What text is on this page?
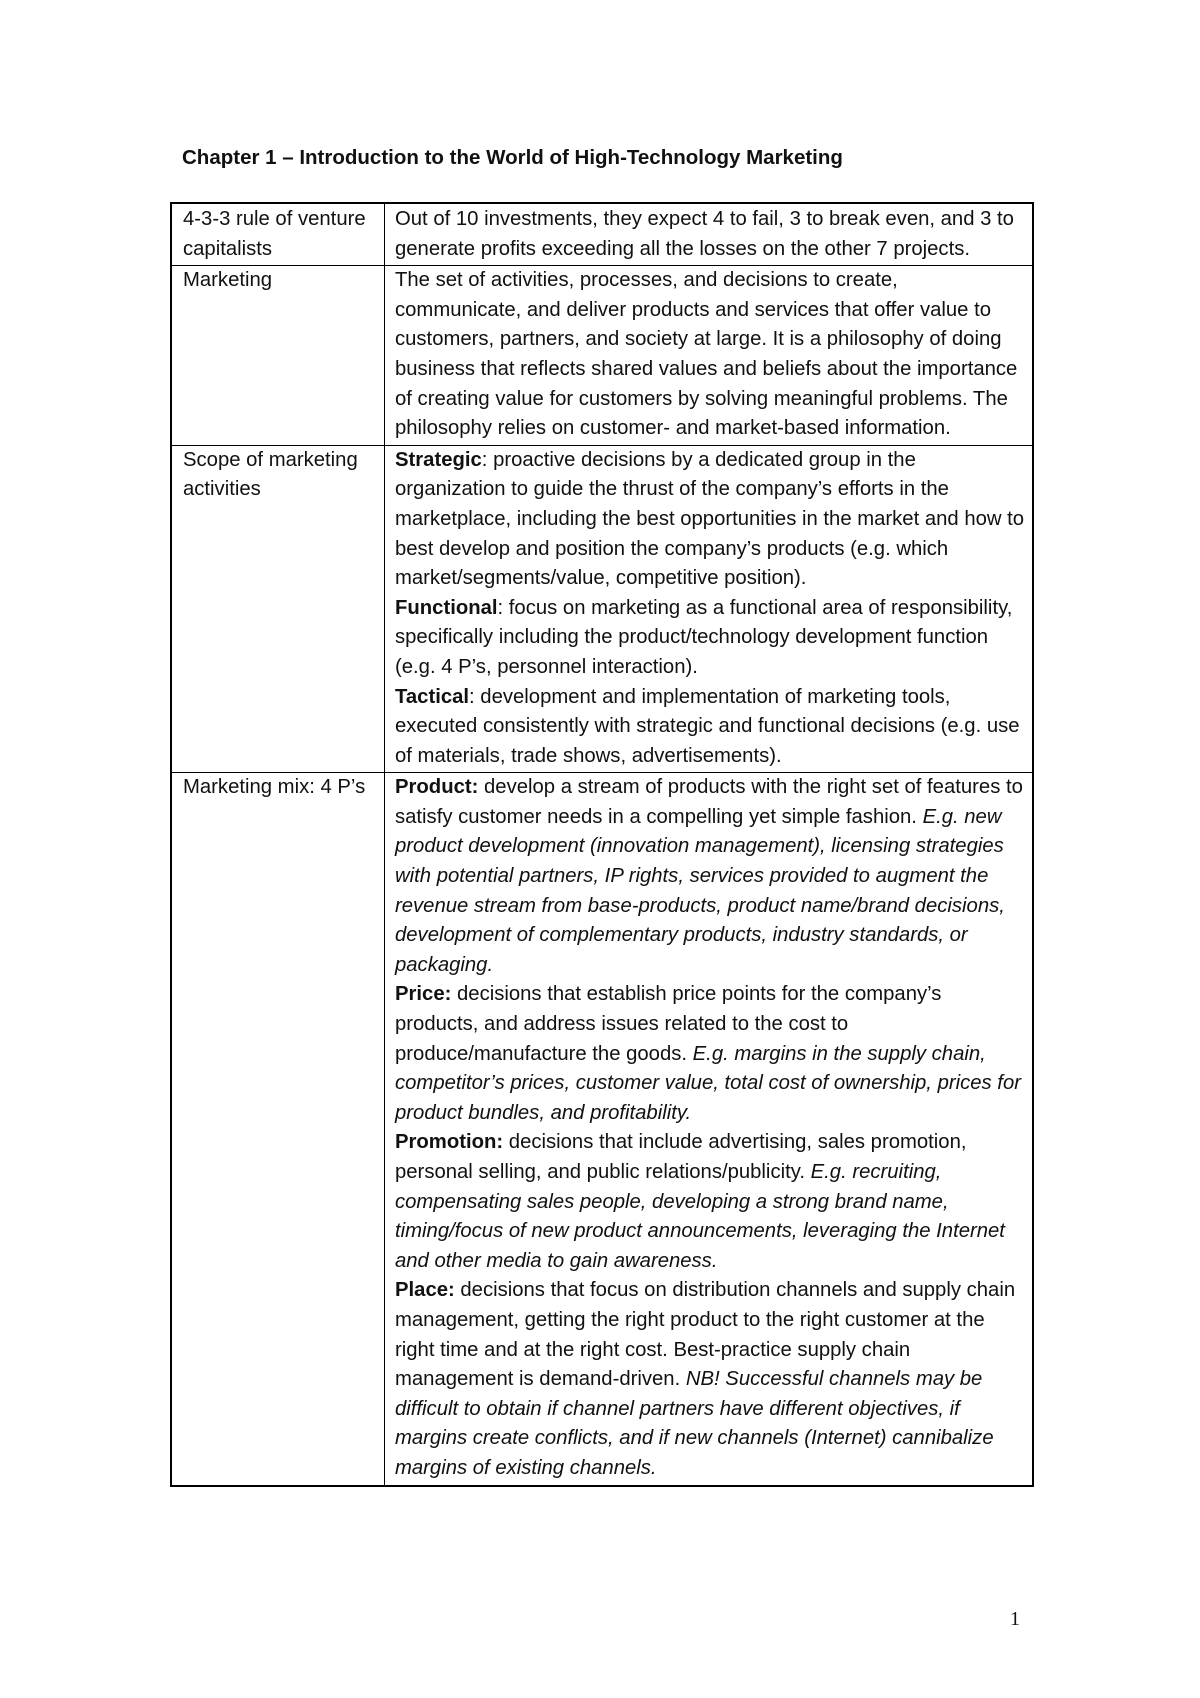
Chapter 1 – Introduction to the World of High-Technology Marketing
4-3-3 rule of venture capitalists	Out of 10 investments, they expect 4 to fail, 3 to break even, and 3 to generate profits exceeding all the losses on the other 7 projects.
Marketing	The set of activities, processes, and decisions to create, communicate, and deliver products and services that offer value to customers, partners, and society at large. It is a philosophy of doing business that reflects shared values and beliefs about the importance of creating value for customers by solving meaningful problems. The philosophy relies on customer- and market-based information.
Scope of marketing activities	Strategic: proactive decisions by a dedicated group in the organization to guide the thrust of the company’s efforts in the marketplace, including the best opportunities in the market and how to best develop and position the company’s products (e.g. which market/segments/value, competitive position).
Functional: focus on marketing as a functional area of responsibility, specifically including the product/technology development function (e.g. 4 P’s, personnel interaction).
Tactical: development and implementation of marketing tools, executed consistently with strategic and functional decisions (e.g. use of materials, trade shows, advertisements).

Marketing mix: 4 P’s	Product: develop a stream of products with the right set of features to satisfy customer needs in a compelling yet simple fashion. E.g. new product development (innovation management), licensing strategies with potential partners, IP rights, services provided to augment the revenue stream from base-products, product name/brand decisions, development of complementary products, industry standards, or packaging.
Price: decisions that establish price points for the company’s products, and address issues related to the cost to produce/manufacture the goods. E.g. margins in the supply chain, competitor’s prices, customer value, total cost of ownership, prices for product bundles, and profitability.
Promotion: decisions that include advertising, sales promotion, personal selling, and public relations/publicity. E.g. recruiting, compensating sales people, developing a strong brand name, timing/focus of new product announcements, leveraging the Internet and other media to gain awareness.
Place: decisions that focus on distribution channels and supply chain management, getting the right product to the right customer at the right time and at the right cost. Best-practice supply chain management is demand-driven. NB! Successful channels may be difficult to obtain if channel partners have different objectives, if margins create conflicts, and if new channels (Internet) cannibalize margins of existing channels.

1
